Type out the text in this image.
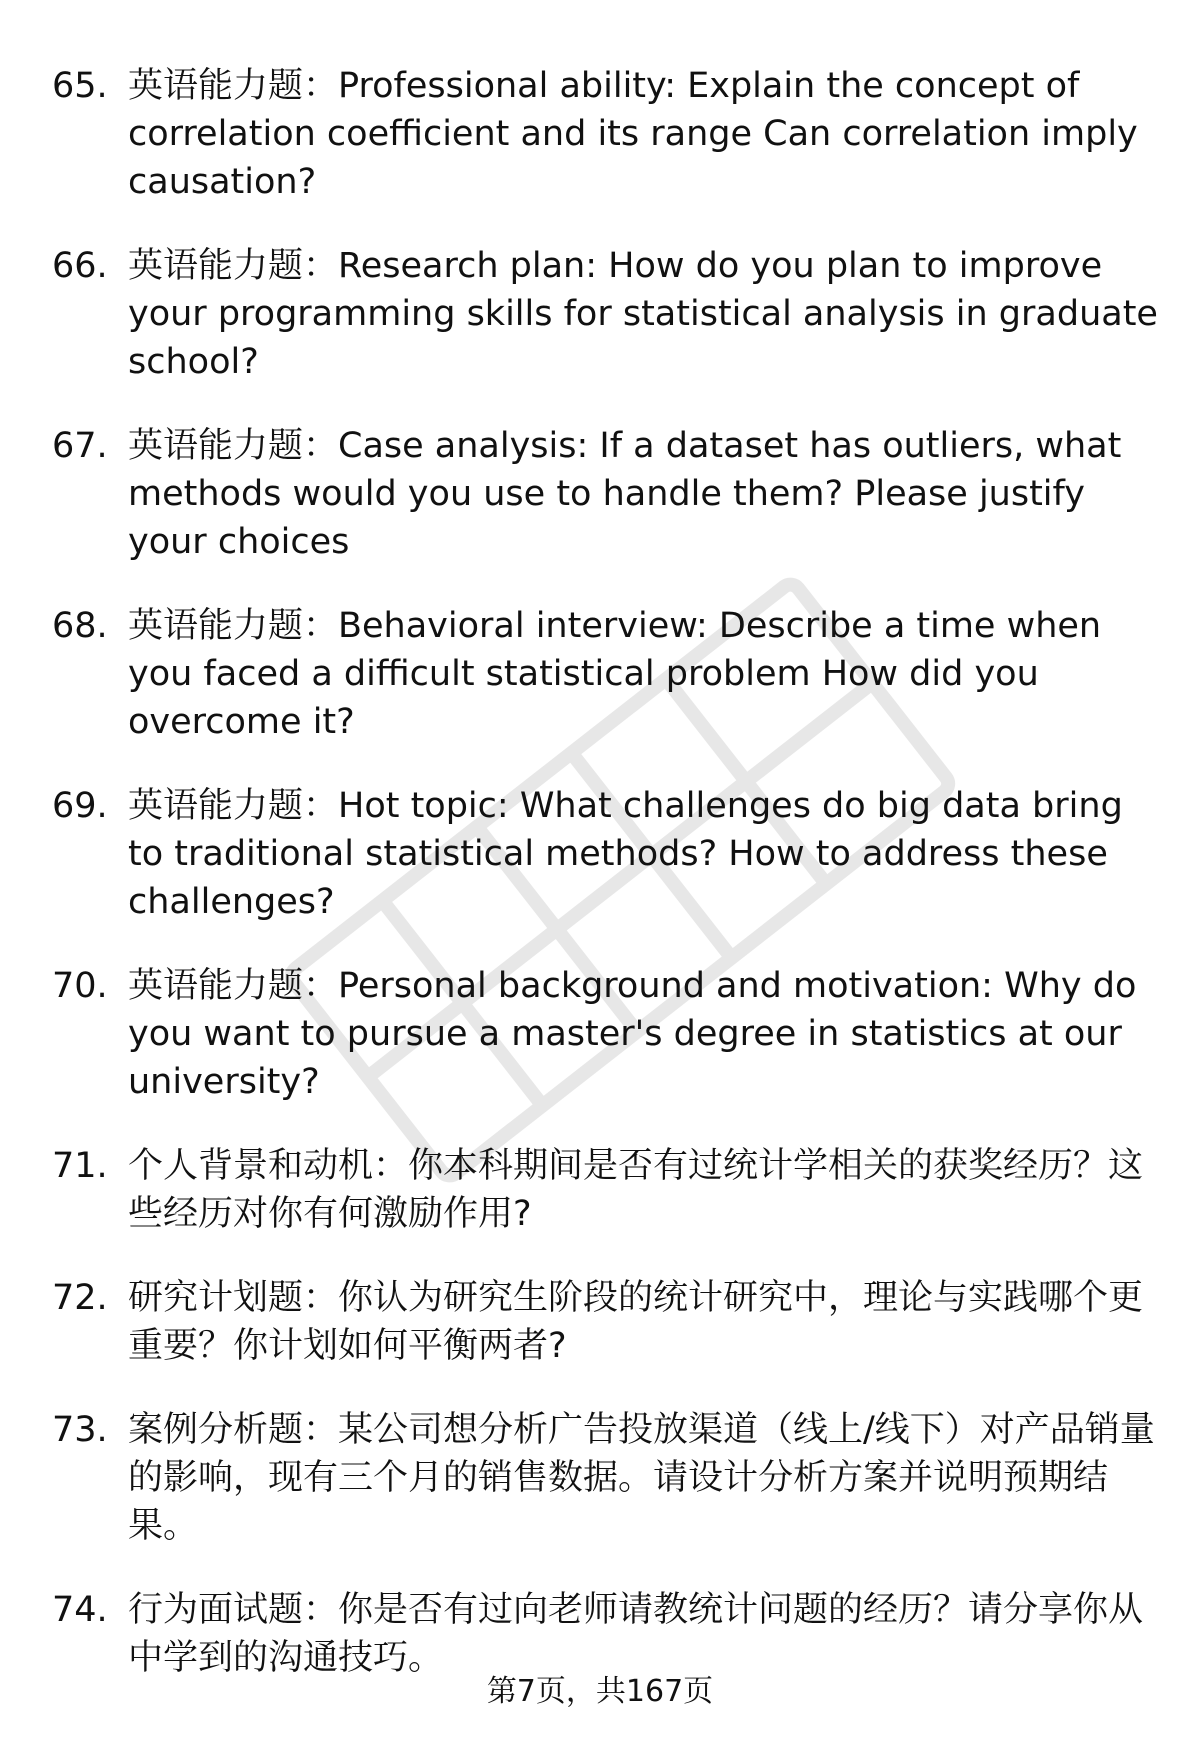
65. 英语能力题：Professional ability: Explain the concept of correlation coefficient and its range Can correlation imply causation?
66. 英语能力题：Research plan: How do you plan to improve your programming skills for statistical analysis in graduate school?
67. 英语能力题：Case analysis: If a dataset has outliers, what methods would you use to handle them? Please justify your choices
68. 英语能力题：Behavioral interview: Describe a time when you faced a difficult statistical problem How did you overcome it?
69. 英语能力题：Hot topic: What challenges do big data bring to traditional statistical methods? How to address these challenges?
70. 英语能力题：Personal background and motivation: Why do you want to pursue a master's degree in statistics at our university?
71. 个人背景和动机：你本科期间是否有过统计学相关的获奖经历？这些经历对你有何激励作用?
72. 研究计划题：你认为研究生阶段的统计研究中，理论与实践哪个更重要？你计划如何平衡两者?
73. 案例分析题：某公司想分析广告投放渠道（线上/线下）对产品销量的影响，现有三个月的销售数据。请设计分析方案并说明预期结果。
74. 行为面试题：你是否有过向老师请教统计问题的经历？请分享你从中学到的沟通技巧。
第7页，共167页
